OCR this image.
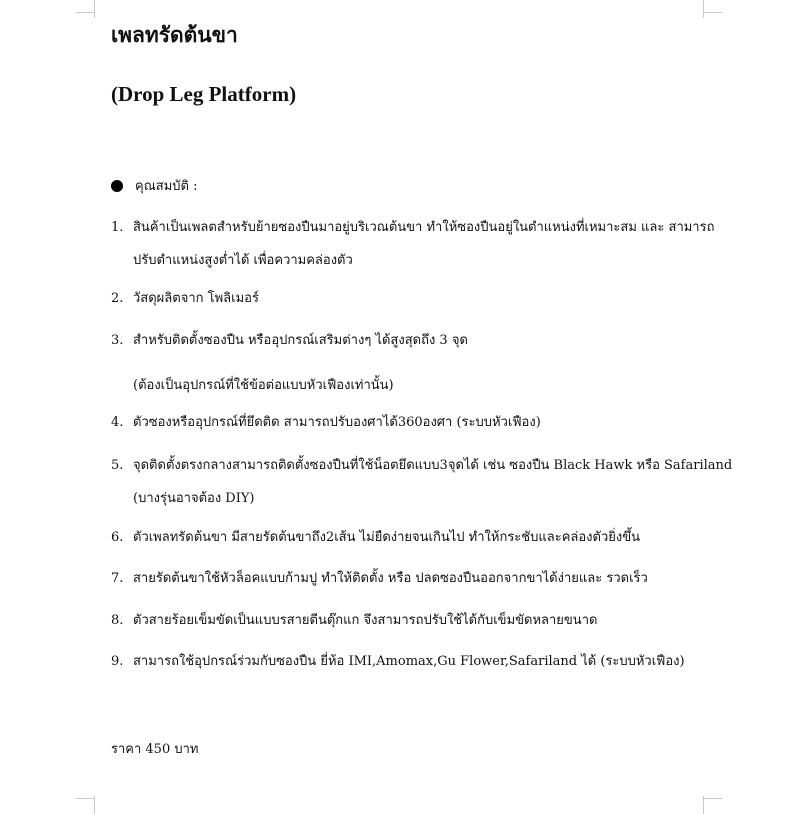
เพลทรัดต้นขา
(Drop Leg Platform)
คุณสมบัติ :
1. สินค้าเป็นเพลตสำหรับย้ายซองปืนมาอยู่บริเวณต้นขา ทำให้ซองปืนอยู่ในตำแหน่งที่เหมาะสม และ สามารถ
ปรับตำแหน่งสูงต่ำได้ เพื่อความคล่องตัว
2. วัสดุผลิตจาก โพลิเมอร์
3. สำหรับติดตั้งซองปืน หรืออุปกรณ์เสริมต่างๆ ได้สูงสุดถึง 3 จุด
(ต้องเป็นอุปกรณ์ที่ใช้ข้อต่อแบบหัวเฟืองเท่านั้น)
4. ตัวซองหรืออุปกรณ์ที่ยึดติด สามารถปรับองศาได้360องศา (ระบบหัวเฟือง)
5. จุดติดตั้งตรงกลางสามารถติดตั้งซองปืนที่ใช้น็อตยึดแบบ3จุดได้ เช่น ซองปืน Black Hawk หรือ Safariland
(บางรุ่นอาจต้อง DIY)
6. ตัวเพลทรัดต้นขา มีสายรัดต้นขาถึง2เส้น ไม่ยืดง่ายจนเกินไป ทำให้กระชับและคล่องตัวยิ่งขึ้น
7. สายรัดต้นขาใช้หัวล็อคแบบก้ามปู ทำให้ติดตั้ง หรือ ปลดซองปืนออกจากขาได้ง่ายและ รวดเร็ว
8. ตัวสายร้อยเข็มขัดเป็นแบบรสายตีนตุ๊กแก จึงสามารถปรับใช้ได้กับเข็มขัดหลายขนาด
9. สามารถใช้อุปกรณ์ร่วมกับซองปืน ยี่ห้อ IMI,Amomax,Gu Flower,Safariland ได้ (ระบบหัวเฟือง)
ราคา 450 บาท
